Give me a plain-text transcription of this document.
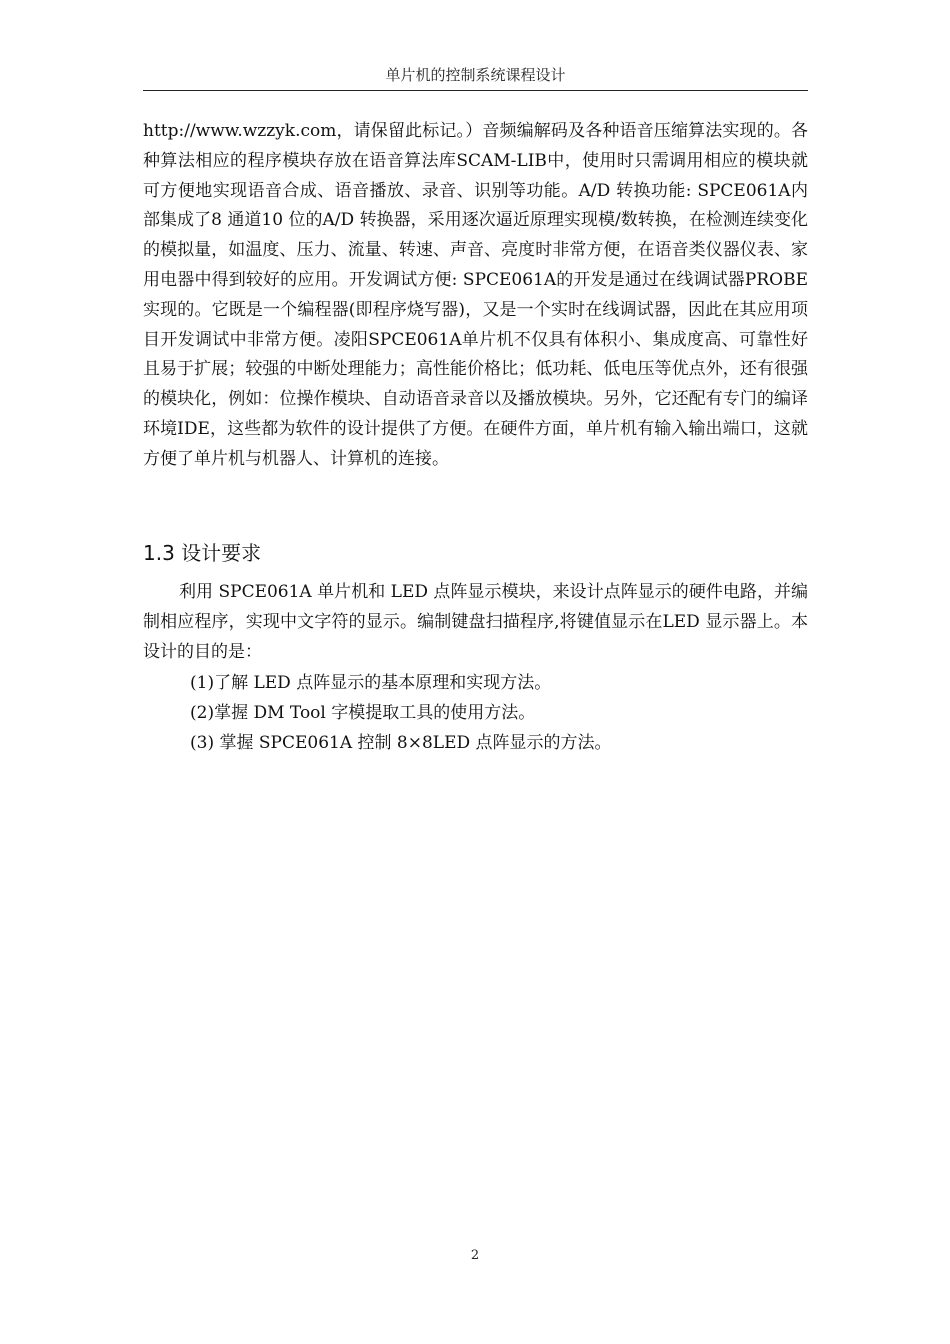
单片机的控制系统课程设计

http://www.wzzyk.com，请保留此标记。）音频编解码及各种语音压缩算法实现的。各种算法相应的程序模块存放在语音算法库SCAM-LIB中，使用时只需调用相应的模块就可方便地实现语音合成、语音播放、录音、识别等功能。A/D 转换功能: SPCE061A内部集成了8 通道10 位的A/D 转换器，采用逐次逼近原理实现模/数转换，在检测连续变化的模拟量，如温度、压力、流量、转速、声音、亮度时非常方便，在语音类仪器仪表、家用电器中得到较好的应用。开发调试方便: SPCE061A的开发是通过在线调试器PROBE 实现的。它既是一个编程器(即程序烧写器)，又是一个实时在线调试器，因此在其应用项目开发调试中非常方便。凌阳SPCE061A单片机不仅具有体积小、集成度高、可靠性好且易于扩展；较强的中断处理能力；高性能价格比；低功耗、低电压等优点外，还有很强的模块化，例如：位操作模块、自动语音录音以及播放模块。另外，它还配有专门的编译环境IDE，这些都为软件的设计提供了方便。在硬件方面，单片机有输入输出端口，这就方便了单片机与机器人、计算机的连接。

1.3 设计要求

利用 SPCE061A 单片机和 LED 点阵显示模块，来设计点阵显示的硬件电路，并编制相应程序，实现中文字符的显示。编制键盘扫描程序,将键值显示在LED 显示器上。本设计的目的是：

(1)了解 LED 点阵显示的基本原理和实现方法。
(2)掌握 DM Tool 字模提取工具的使用方法。
(3) 掌握 SPCE061A 控制 8×8LED 点阵显示的方法。
2
